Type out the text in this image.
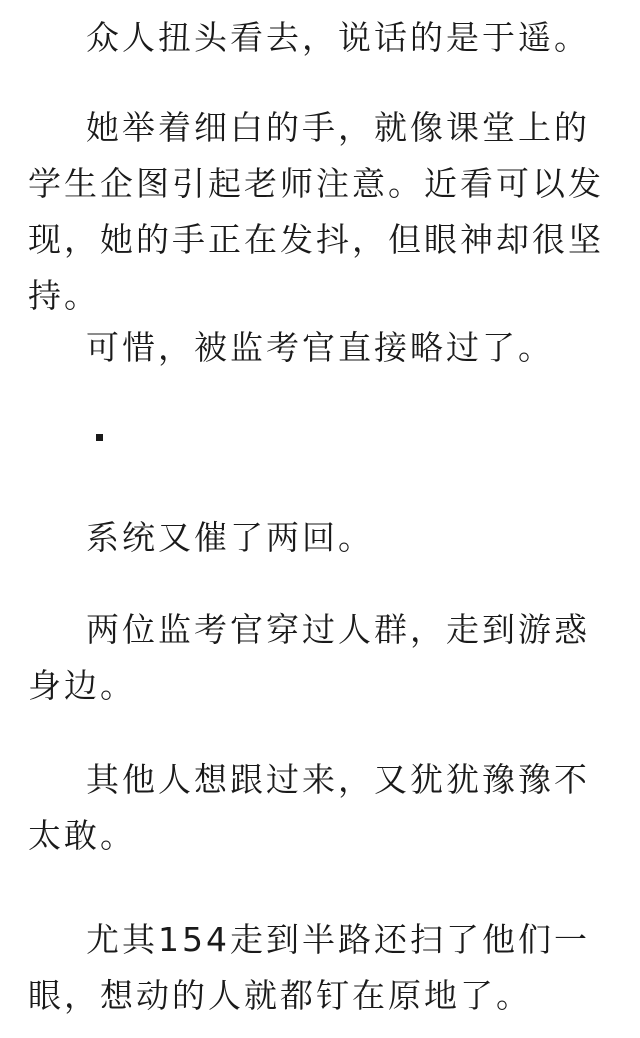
众人扭头看去，说话的是于遥。

她举着细白的手，就像课堂上的学生企图引起老师注意。近看可以发现，她的手正在发抖，但眼神却很坚持。

可惜，被监考官直接略过了。

系统又催了两回。

两位监考官穿过人群，走到游惑身边。

其他人想跟过来，又犹犹豫豫不太敢。

尤其154走到半路还扫了他们一眼，想动的人就都钉在原地了。
